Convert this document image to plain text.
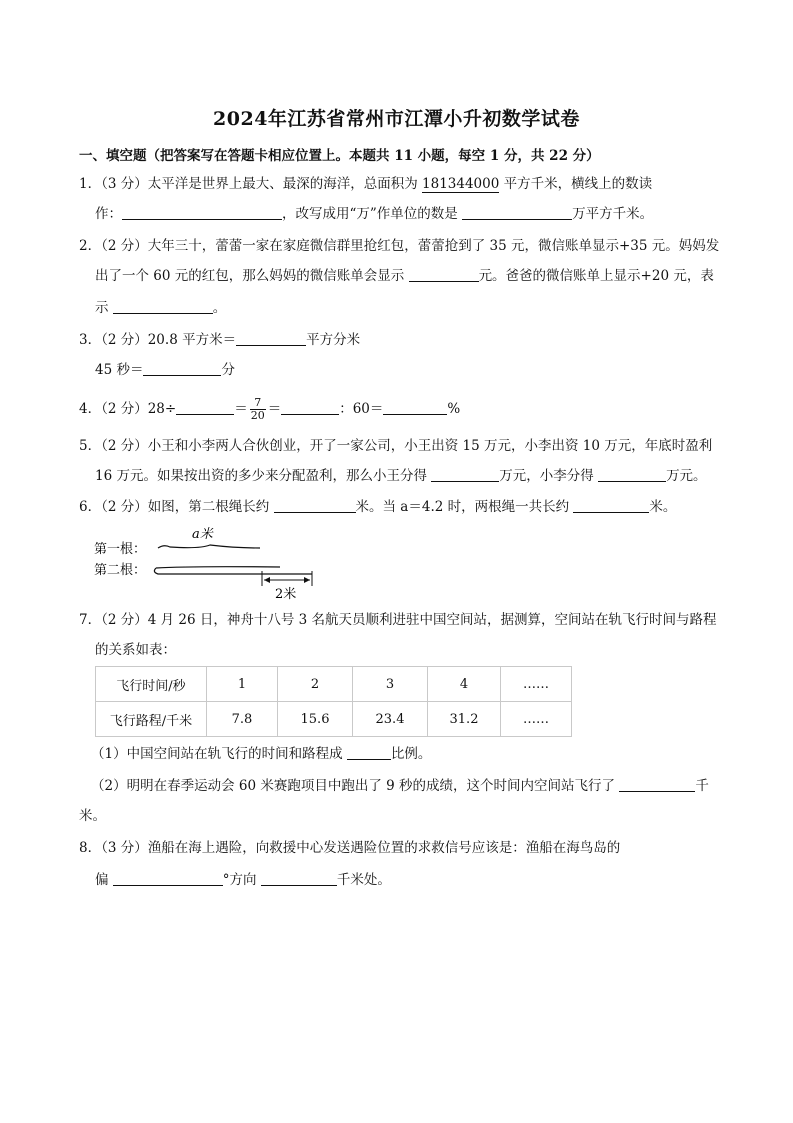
2024年江苏省常州市江潭小升初数学试卷
一、填空题（把答案写在答题卡相应位置上。本题共 11 小题，每空 1 分，共 22 分）
1．（3 分）太平洋是世界上最大、最深的海洋，总面积为 181344000 平方千米，横线上的数读
作：	，改写成用“万”作单位的数是	万平方千米。
2．（2 分）大年三十，蕾蕾一家在家庭微信群里抢红包，蕾蕾抢到了 35 元，微信账单显示+35 元。妈妈发
出了一个 60 元的红包，那么妈妈的微信账单会显示	元。爸爸的微信账单上显示+20 元，表
示	。
3．（2 分）20.8 平方米＝	平方分米
45 秒＝	分
4．（2 分）28÷	＝ $\frac{7}{20}$ ＝	：60＝	%
5．（2 分）小王和小李两人合伙创业，开了一家公司，小王出资 15 万元，小李出资 10 万元，年底时盈利
16 万元。如果按出资的多少来分配盈利，那么小王分得	万元，小李分得	万元。
6．（2 分）如图，第二根绳长约	米。当 a＝4.2 时，两根绳一共长约	米。
第一根：
第二根：
a米
2米
7．（2 分）4 月 26 日，神舟十八号 3 名航天员顺利进驻中国空间站，据测算，空间站在轨飞行时间与路程
的关系如表：
飞行时间/秒	1	2	3	4	……
飞行路程/千米	7.8	15.6	23.4	31.2	……
（1）中国空间站在轨飞行的时间和路程成	比例。
（2）明明在春季运动会 60 米赛跑项目中跑出了 9 秒的成绩，这个时间内空间站飞行了	千
米。
8．（3 分）渔船在海上遇险，向救援中心发送遇险位置的求救信号应该是：渔船在海鸟岛的
偏	°方向	千米处。
